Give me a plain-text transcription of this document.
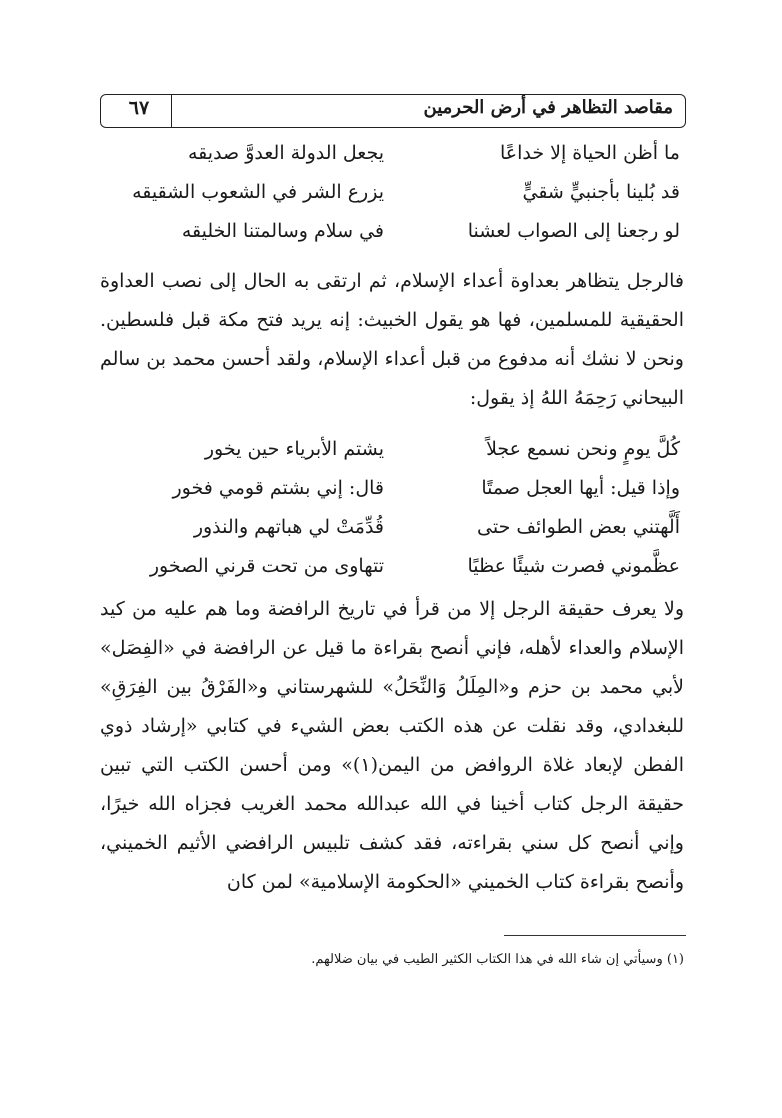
مقاصد التظاهر في أرض الحرمين
٦٧
ما أظن الحياة إلا خداعًا
يجعل الدولة العدوَّ صديقه
قد بُلينا بأجنبيٍّ شقيٍّ
يزرع الشر في الشعوب الشقيقه
لو رجعنا إلى الصواب لعشنا
في سلام وسالمتنا الخليقه
فالرجل يتظاهر بعداوة أعداء الإسلام، ثم ارتقى به الحال إلى نصب العداوة الحقيقية للمسلمين، فها هو يقول الخبيث: إنه يريد فتح مكة قبل فلسطين. ونحن لا نشك أنه مدفوع من قبل أعداء الإسلام، ولقد أحسن محمد بن سالم البيحاني رَحِمَهُ اللهُ إذ يقول:
كُلَّ يومٍ ونحن نسمع عجلاً
يشتم الأبرياء حين يخور
وإذا قيل: أيها العجل صمتًا
قال: إني بشتم قومي فخور
أَلَّهتني بعض الطوائف حتى
قُدِّمَتْ لي هباتهم والنذور
عظَّموني فصرت شيئًا عظيًا
تتهاوى من تحت قرني الصخور
ولا يعرف حقيقة الرجل إلا من قرأ في تاريخ الرافضة وما هم عليه من كيد الإسلام والعداء لأهله، فإني أنصح بقراءة ما قيل عن الرافضة في «الفِصَل» لأبي محمد بن حزم و«المِلَلُ وَالنِّحَلُ» للشهرستاني و«الفَرْقُ بين الفِرَقِ» للبغدادي، وقد نقلت عن هذه الكتب بعض الشيء في كتابي «إرشاد ذوي الفطن لإبعاد غلاة الروافض من اليمن(١)» ومن أحسن الكتب التي تبين حقيقة الرجل كتاب أخينا في الله عبدالله محمد الغريب فجزاه الله خيرًا، وإني أنصح كل سني بقراءته، فقد كشف تلبيس الرافضي الأثيم الخميني، وأنصح بقراءة كتاب الخميني «الحكومة الإسلامية» لمن كان
(١) وسيأتي إن شاء الله في هذا الكتاب الكثير الطيب في بيان ضلالهم.
